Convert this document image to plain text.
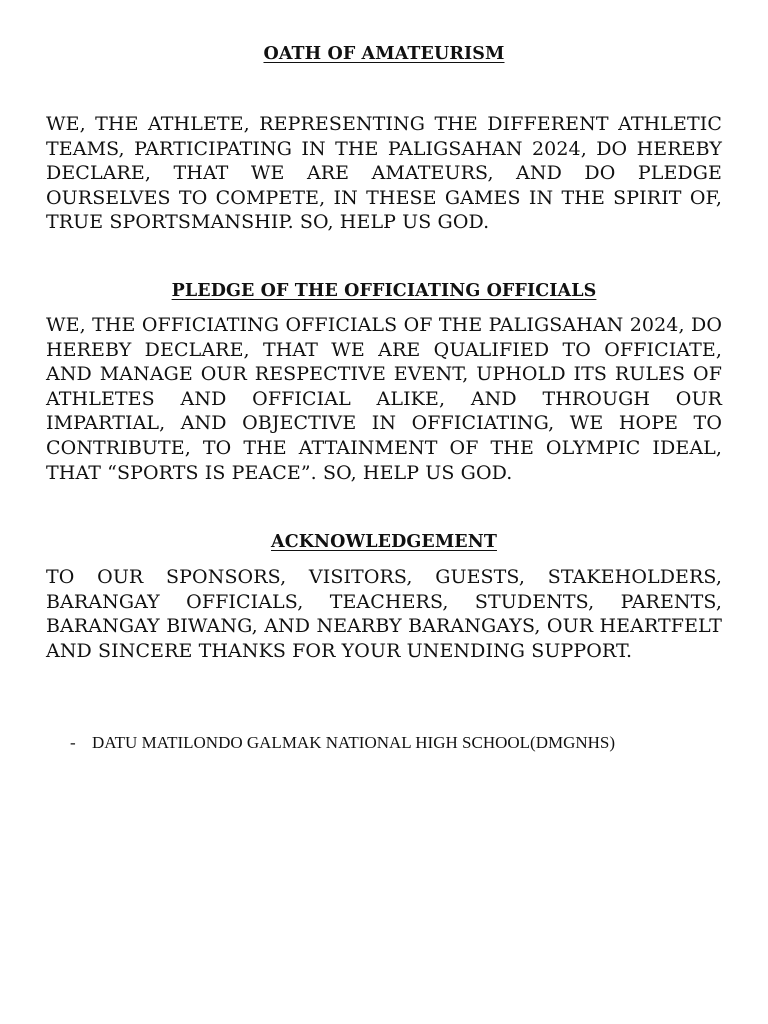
OATH OF AMATEURISM

WE, THE ATHLETE, REPRESENTING THE DIFFERENT ATHLETIC TEAMS, PARTICIPATING IN THE PALIGSAHAN 2024, DO HEREBY DECLARE, THAT WE ARE AMATEURS, AND DO PLEDGE OURSELVES TO COMPETE, IN THESE GAMES IN THE SPIRIT OF, TRUE SPORTSMANSHIP. SO, HELP US GOD.

PLEDGE OF THE OFFICIATING OFFICIALS

WE, THE OFFICIATING OFFICIALS OF THE PALIGSAHAN 2024, DO HEREBY DECLARE, THAT WE ARE QUALIFIED TO OFFICIATE, AND MANAGE OUR RESPECTIVE EVENT, UPHOLD ITS RULES OF ATHLETES AND OFFICIAL ALIKE, AND THROUGH OUR IMPARTIAL, AND OBJECTIVE IN OFFICIATING, WE HOPE TO CONTRIBUTE, TO THE ATTAINMENT OF THE OLYMPIC IDEAL, THAT “SPORTS IS PEACE”. SO, HELP US GOD.

ACKNOWLEDGEMENT

TO OUR SPONSORS, VISITORS, GUESTS, STAKEHOLDERS, BARANGAY OFFICIALS, TEACHERS, STUDENTS, PARENTS, BARANGAY BIWANG, AND NEARBY BARANGAYS, OUR HEARTFELT AND SINCERE THANKS FOR YOUR UNENDING SUPPORT.

- DATU MATILONDO GALMAK NATIONAL HIGH SCHOOL(DMGNHS)
